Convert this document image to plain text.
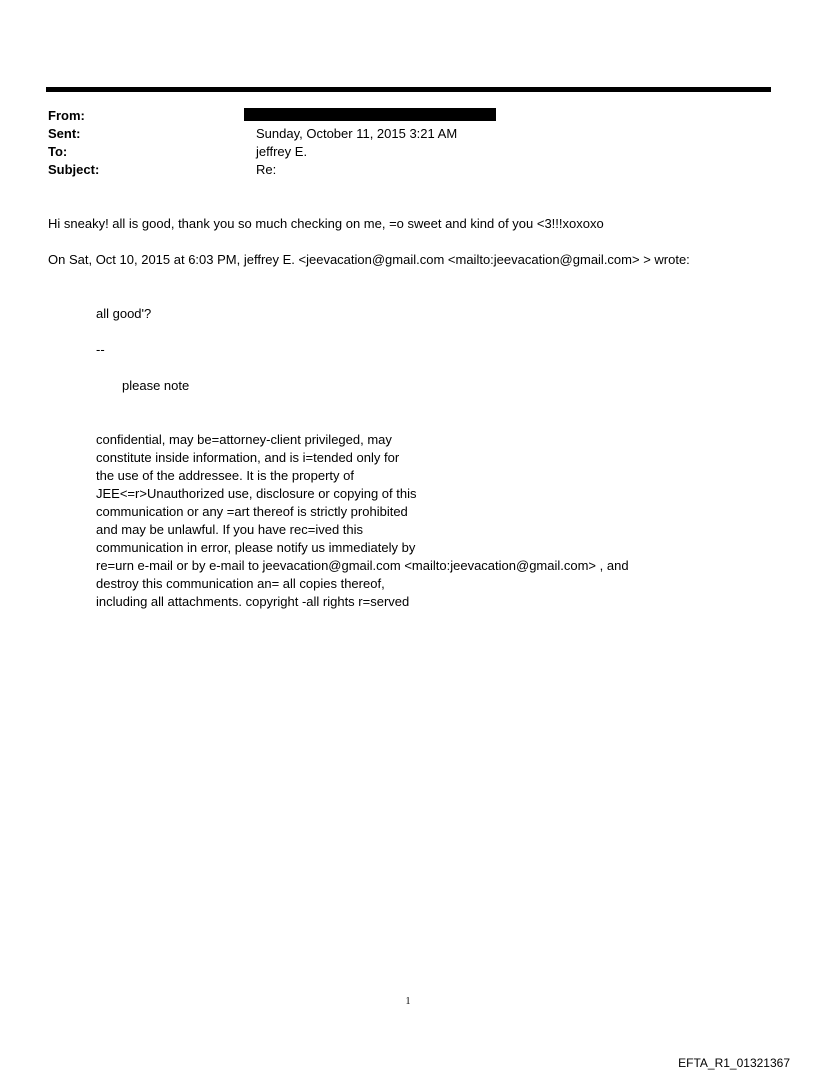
From:
Sent:	Sunday, October 11, 2015 3:21 AM
To:	jeffrey E.
Subject:	Re:
Hi sneaky! all is good, thank you so much checking on me, =o sweet and kind of you <3!!!xoxoxo
On Sat, Oct 10, 2015 at 6:03 PM, jeffrey E. <jeevacation@gmail.com <mailto:jeevacation@gmail.com> > wrote:
all good'?
--
please note
confidential, may be=attorney-client privileged, may
constitute inside information, and is i=tended only for
the use of the addressee. It is the property of
JEE<=r>Unauthorized use, disclosure or copying of this
communication or any =art thereof is strictly prohibited
and may be unlawful. If you have rec=ived this
communication in error, please notify us immediately by
re=urn e-mail or by e-mail to jeevacation@gmail.com <mailto:jeevacation@gmail.com> , and
destroy this communication an= all copies thereof,
including all attachments. copyright -all rights r=served
1
EFTA_R1_01321367
